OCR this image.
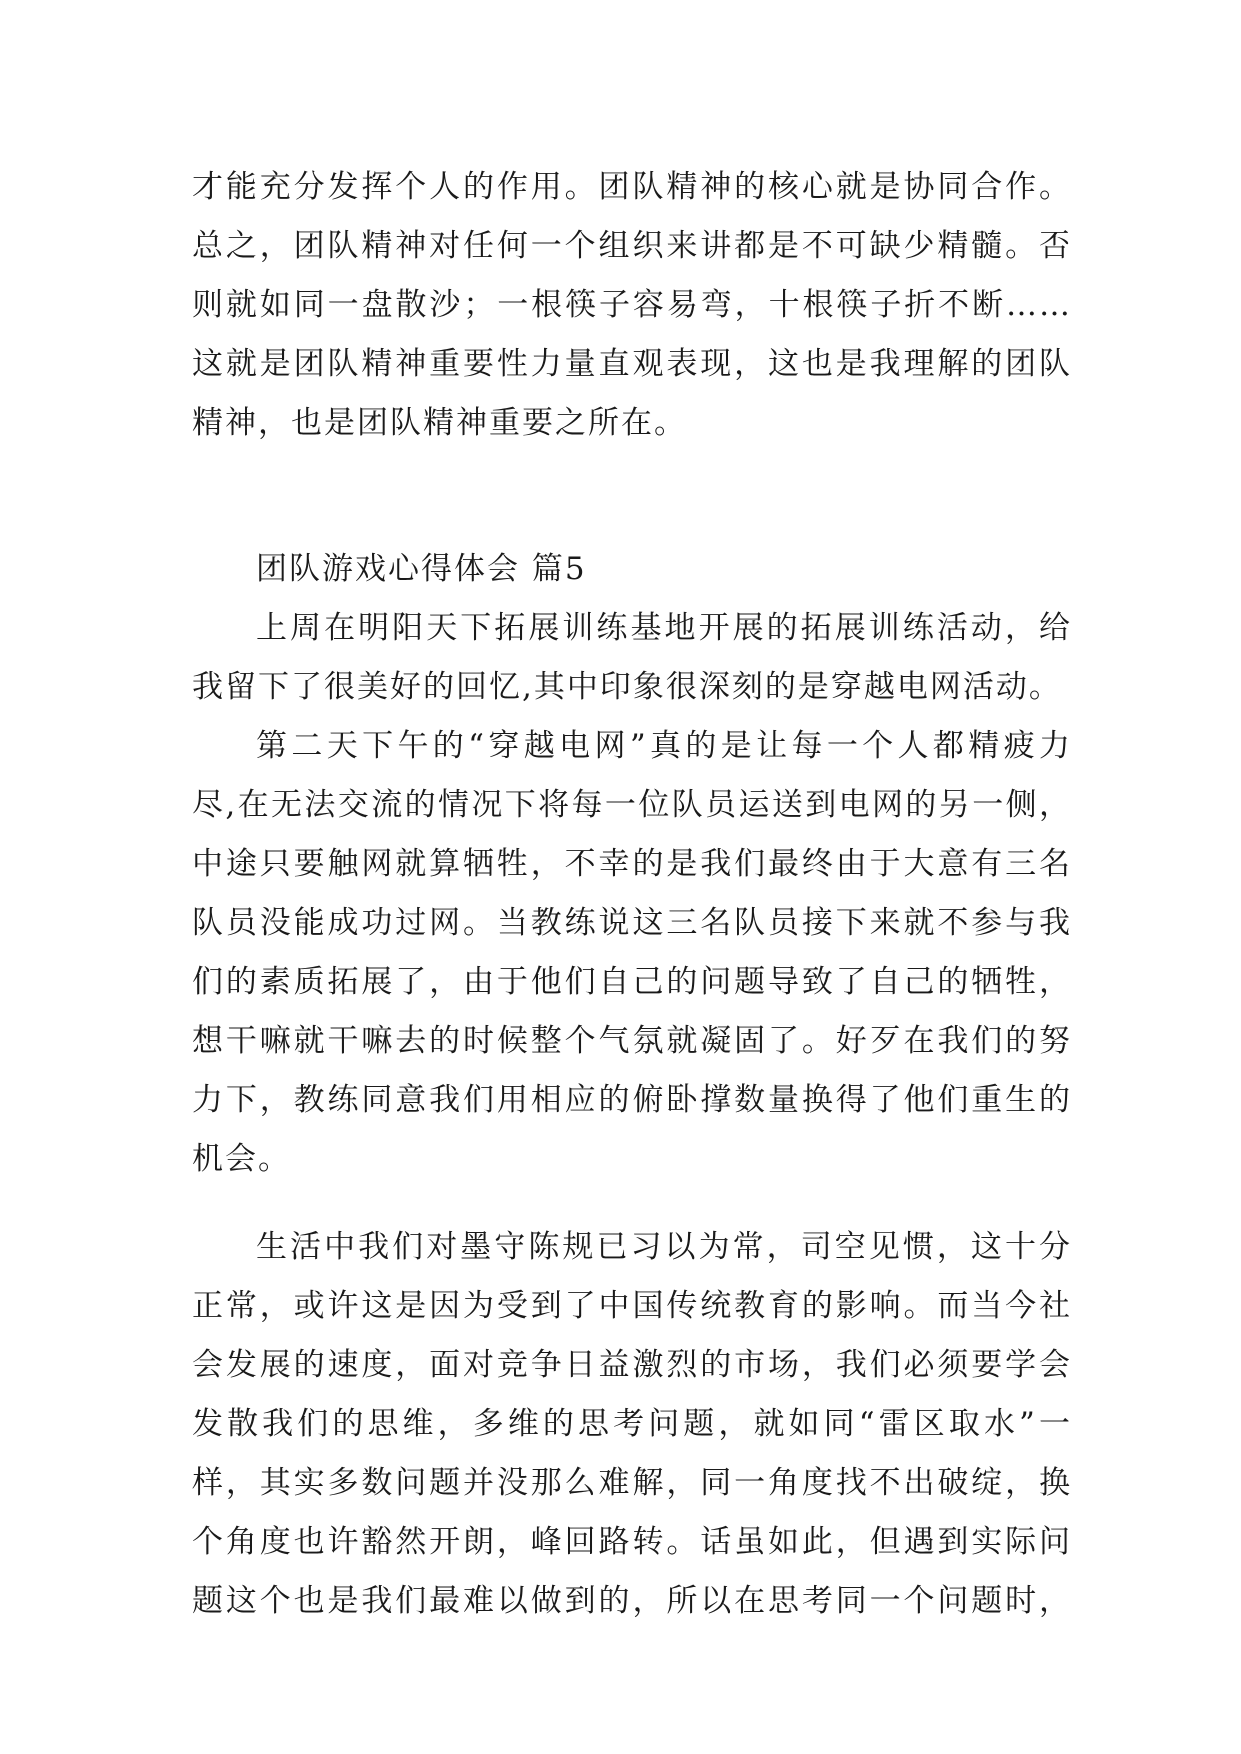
才能充分发挥个人的作用。团队精神的核心就是协同合作。
总之，团队精神对任何一个组织来讲都是不可缺少精髓。否
则就如同一盘散沙；一根筷子容易弯，十根筷子折不断……
这就是团队精神重要性力量直观表现，这也是我理解的团队
精神，也是团队精神重要之所在。
团队游戏心得体会 篇5
上周在明阳天下拓展训练基地开展的拓展训练活动，给
我留下了很美好的回忆,其中印象很深刻的是穿越电网活动。
第二天下午的“穿越电网”真的是让每一个人都精疲力
尽,在无法交流的情况下将每一位队员运送到电网的另一侧，
中途只要触网就算牺牲，不幸的是我们最终由于大意有三名
队员没能成功过网。当教练说这三名队员接下来就不参与我
们的素质拓展了，由于他们自己的问题导致了自己的牺牲，
想干嘛就干嘛去的时候整个气氛就凝固了。好歹在我们的努
力下，教练同意我们用相应的俯卧撑数量换得了他们重生的
机会。
生活中我们对墨守陈规已习以为常，司空见惯，这十分
正常，或许这是因为受到了中国传统教育的影响。而当今社
会发展的速度，面对竞争日益激烈的市场，我们必须要学会
发散我们的思维，多维的思考问题，就如同“雷区取水”一
样，其实多数问题并没那么难解，同一角度找不出破绽，换
个角度也许豁然开朗，峰回路转。话虽如此，但遇到实际问
题这个也是我们最难以做到的，所以在思考同一个问题时，
